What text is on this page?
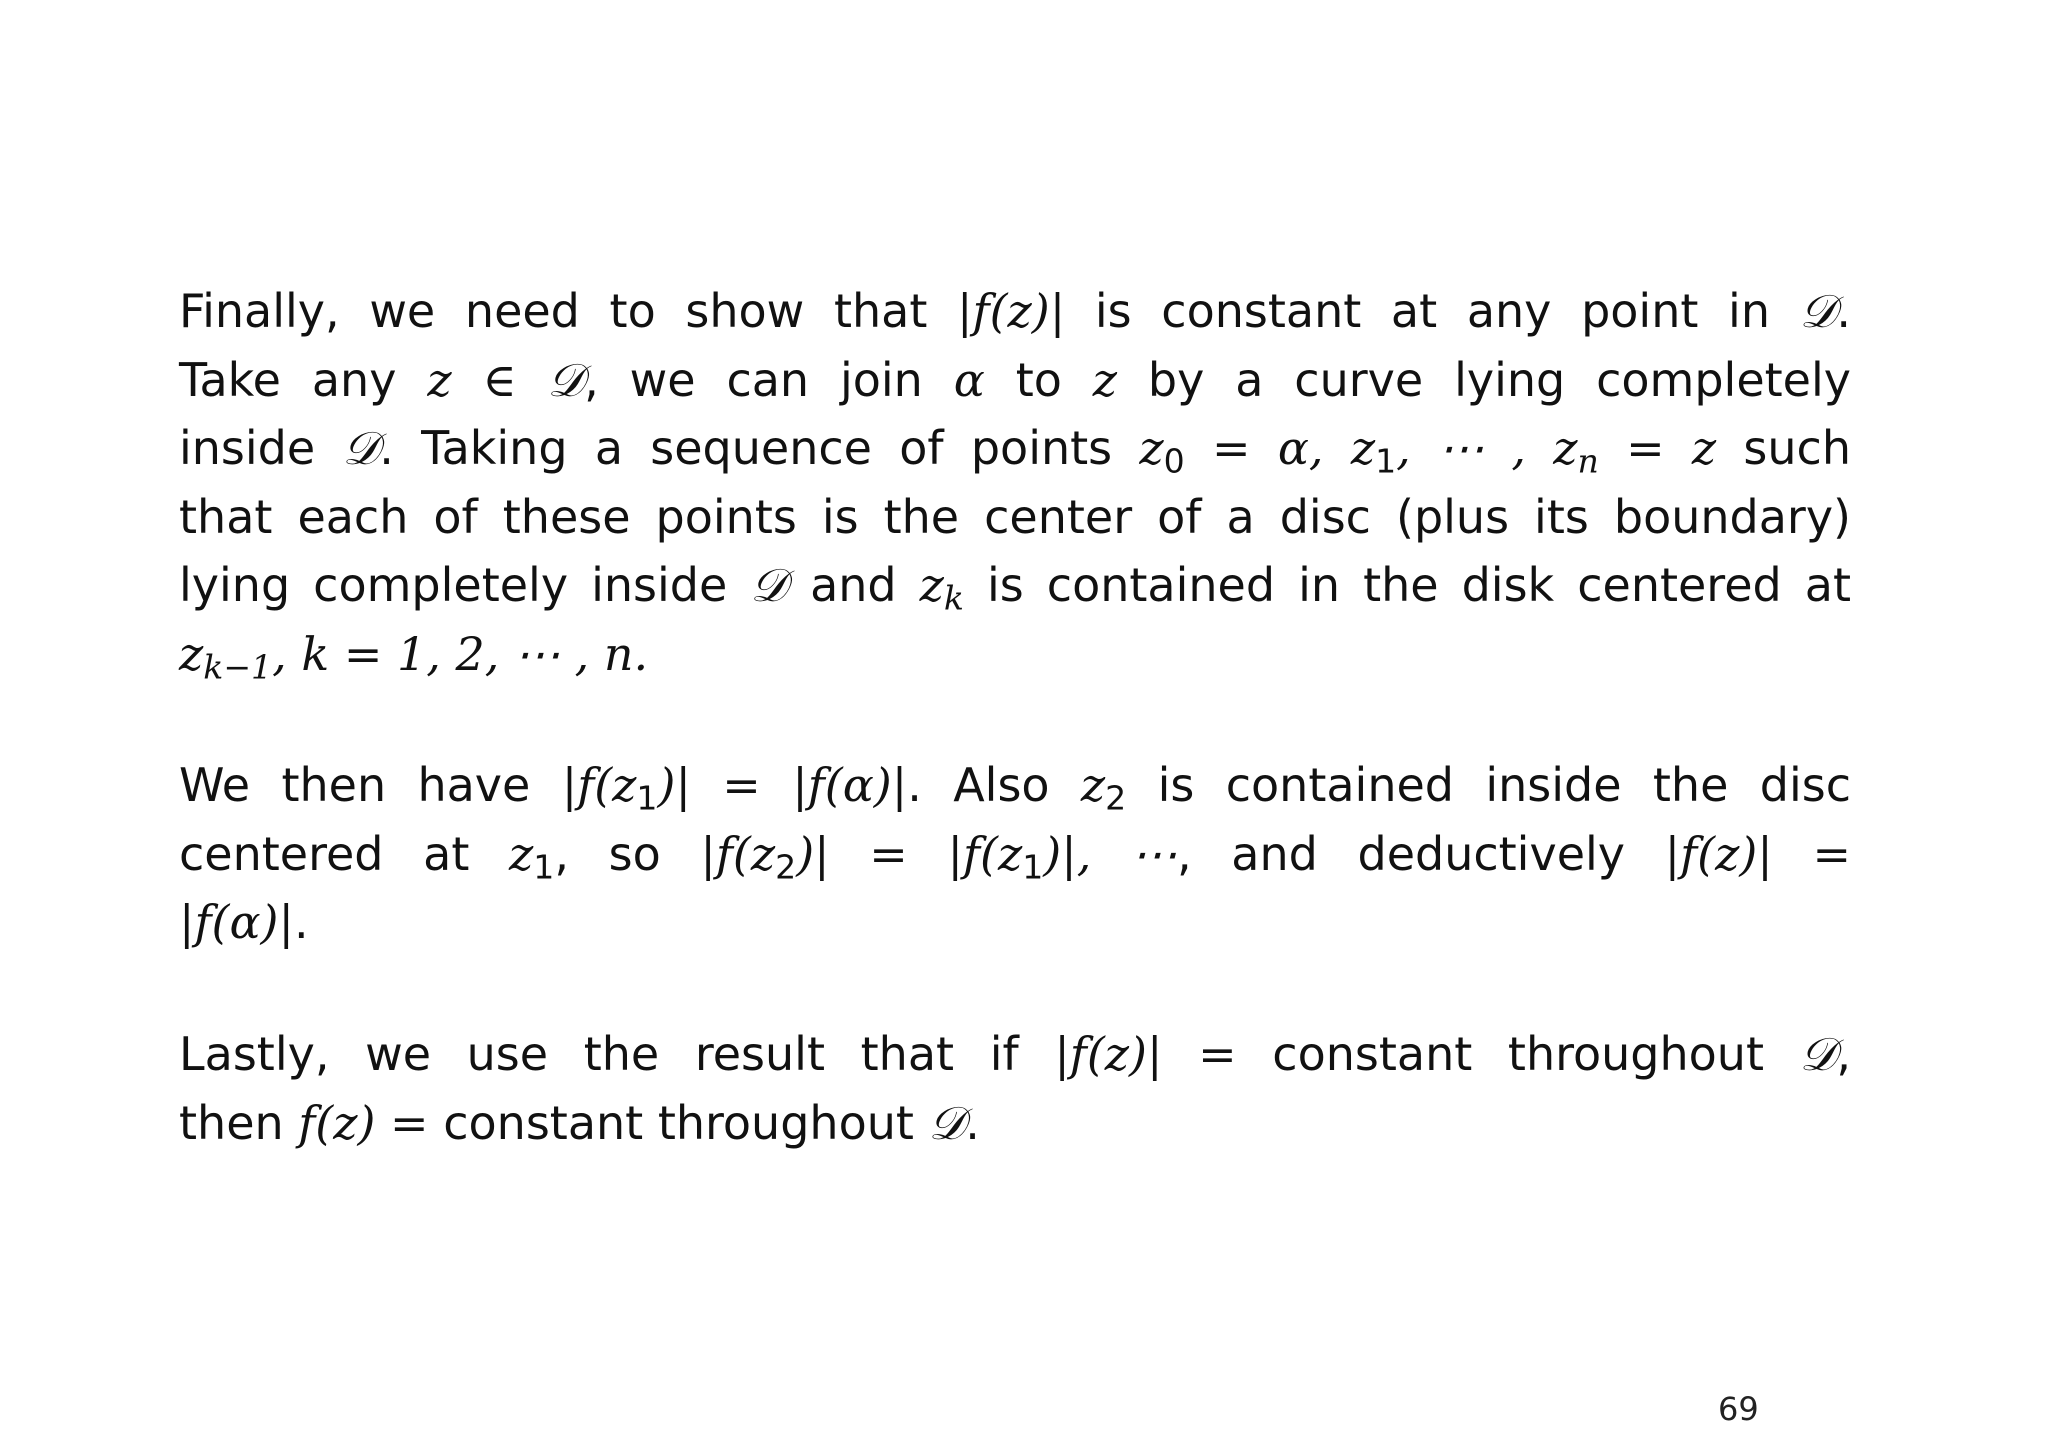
Finally, we need to show that |f(z)| is constant at any point in 𝒟.
Take any z ∈ 𝒟, we can join α to z by a curve lying completely
inside 𝒟. Taking a sequence of points $z_0 = \alpha$, $z_1$, ⋯ , $z_n = z$ such
that each of these points is the center of a disc (plus its boundary)
lying completely inside 𝒟 and $z_k$ is contained in the disk centered at
$z_{k-1}$, k = 1, 2, ⋯ , n.

We then have $|f(z_1)| = |f(\alpha)|$. Also $z_2$ is contained inside the disc
centered at $z_1$, so $|f(z_2)| = |f(z_1)|$, ⋯, and deductively |f(z)| =
|f(α)|.

Lastly, we use the result that if |f(z)| = constant throughout 𝒟,
then f(z) = constant throughout 𝒟.

69
